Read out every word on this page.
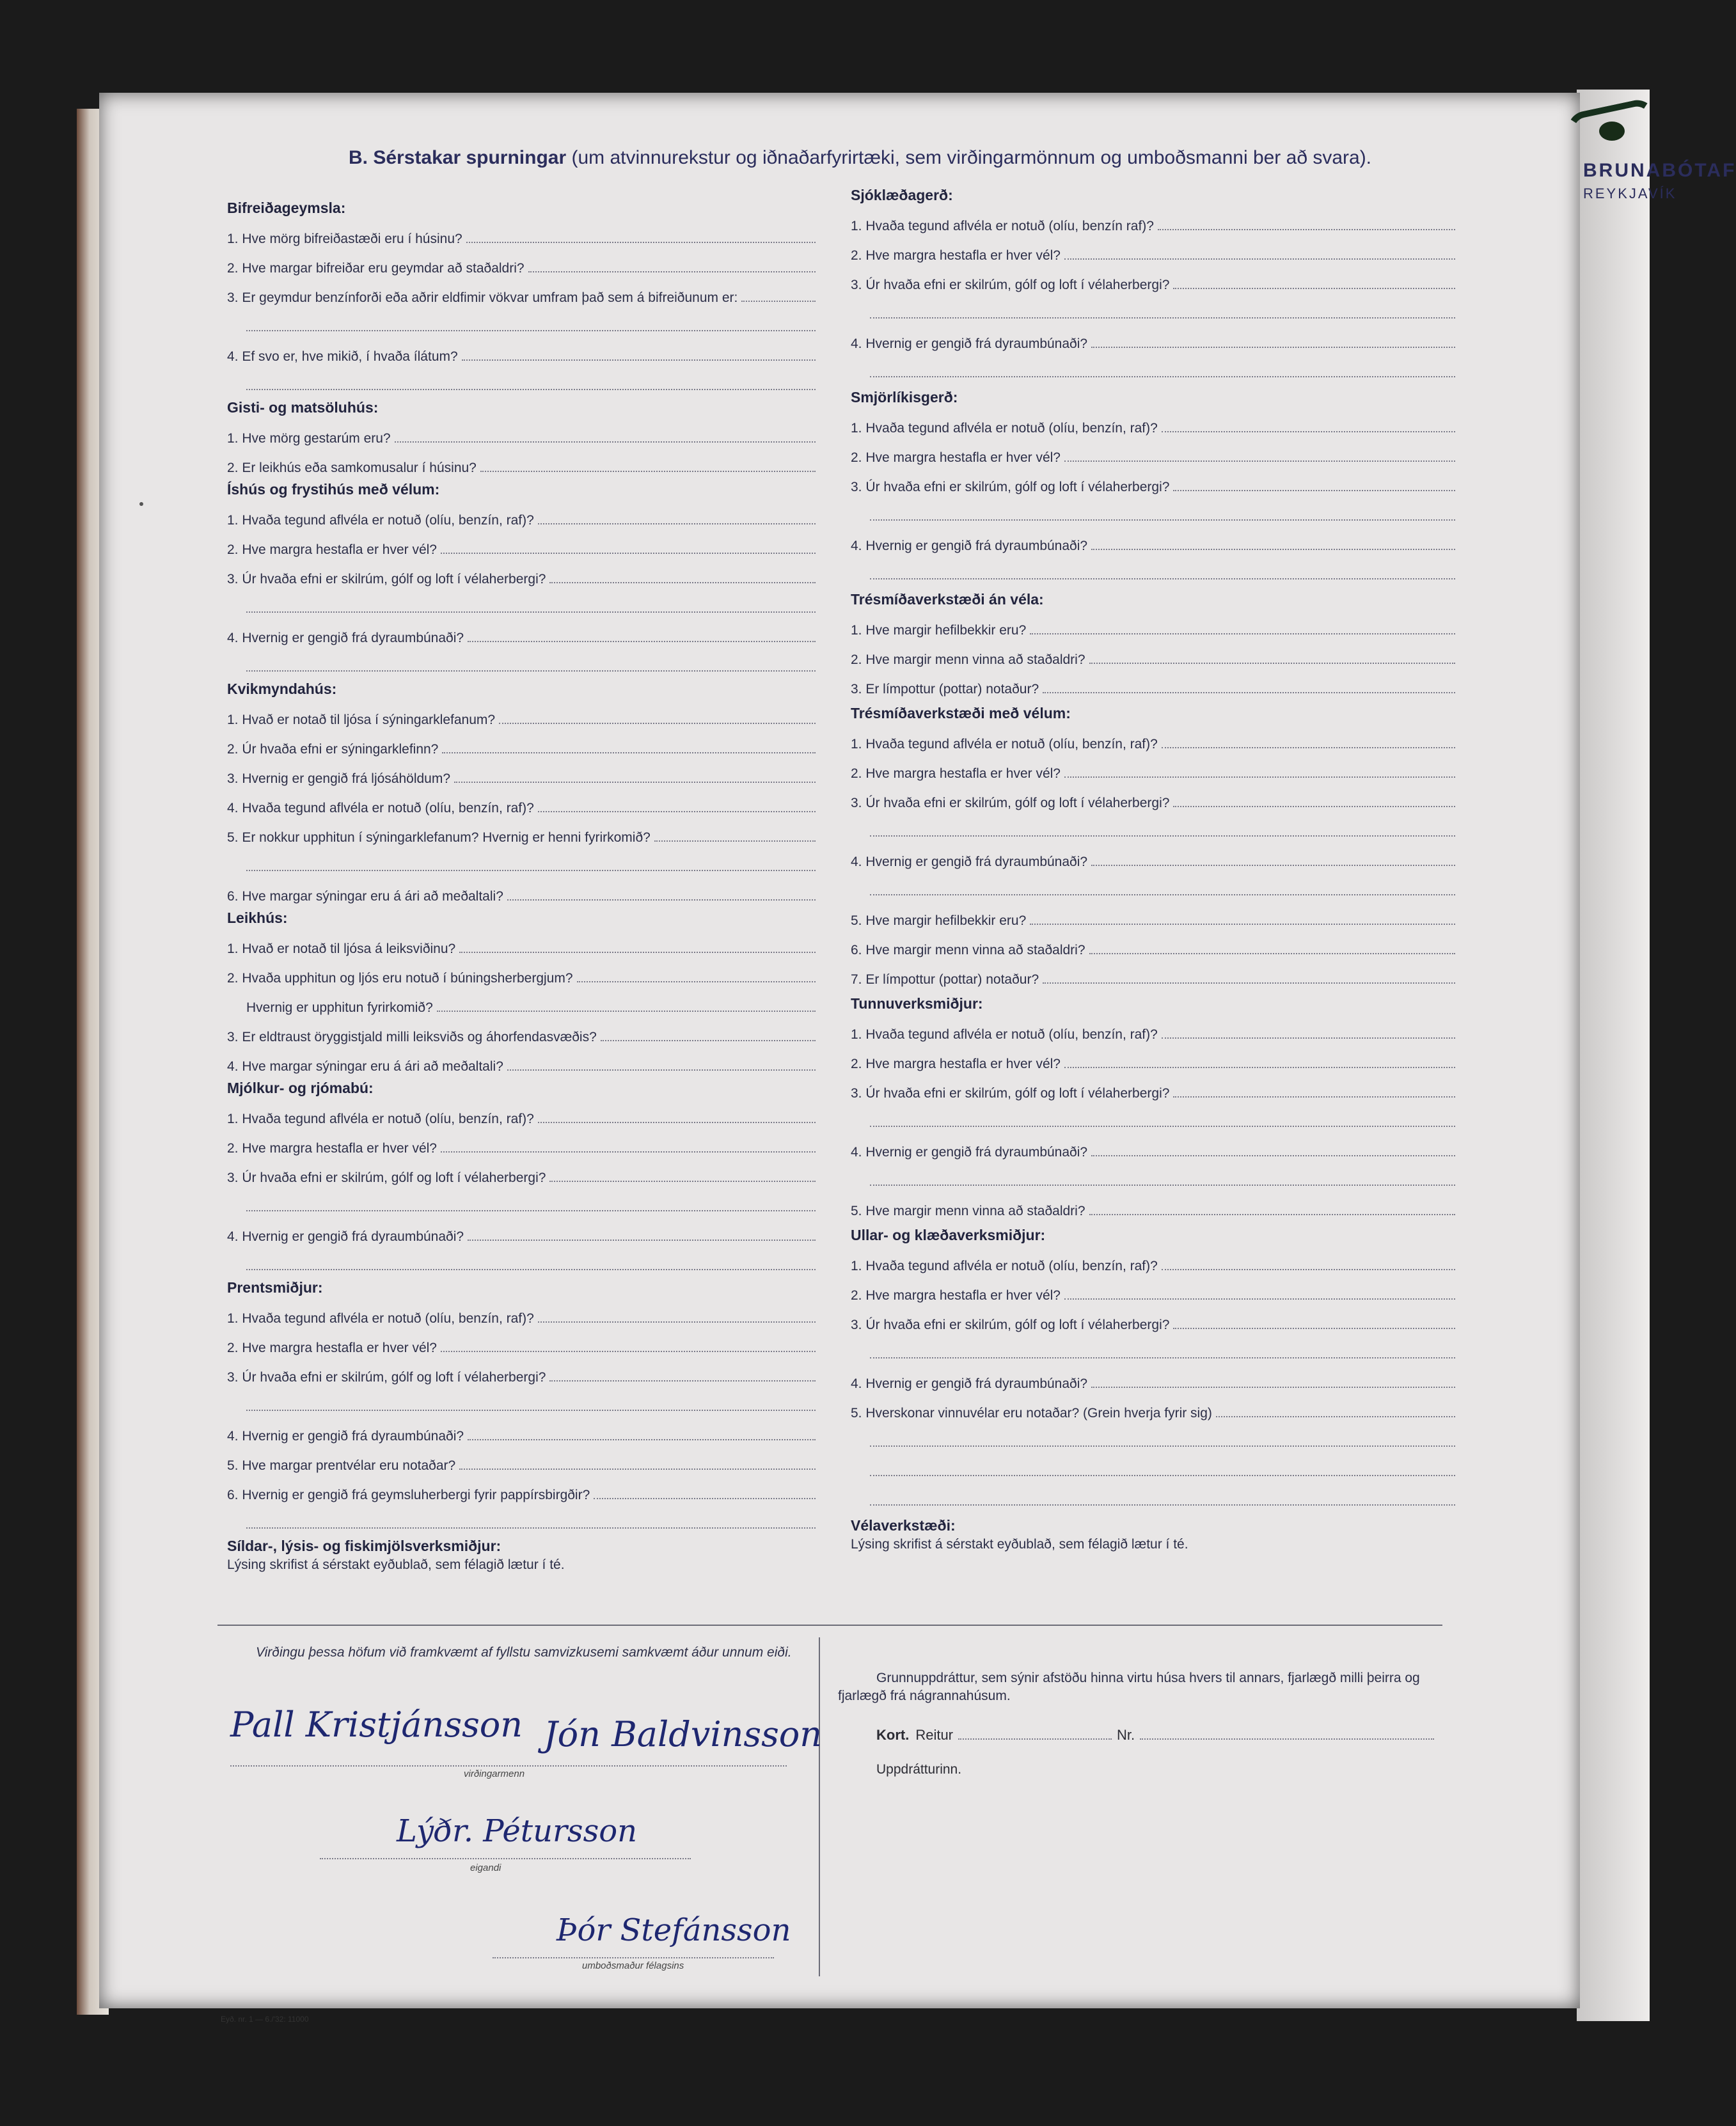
BRUNABÓTAF
REYKJAVÍK
B. Sérstakar spurningar (um atvinnurekstur og iðnaðarfyrirtæki, sem virðingarmönnum og umboðsmanni ber að svara).
Bifreiðageymsla:
1. Hve mörg bifreiðastæði eru í húsinu?
2. Hve margar bifreiðar eru geymdar að staðaldri?
3. Er geymdur benzínforði eða aðrir eldfimir vökvar umfram það sem á bifreiðunum er:
4. Ef svo er, hve mikið, í hvaða ílátum?
Gisti- og matsöluhús:
1. Hve mörg gestarúm eru?
2. Er leikhús eða samkomusalur í húsinu?
Íshús og frystihús með vélum:
1. Hvaða tegund aflvéla er notuð (olíu, benzín, raf)?
2. Hve margra hestafla er hver vél?
3. Úr hvaða efni er skilrúm, gólf og loft í vélaherbergi?
4. Hvernig er gengið frá dyraumbúnaði?
Kvikmyndahús:
1. Hvað er notað til ljósa í sýningarklefanum?
2. Úr hvaða efni er sýningarklefinn?
3. Hvernig er gengið frá ljósáhöldum?
4. Hvaða tegund aflvéla er notuð (olíu, benzín, raf)?
5. Er nokkur upphitun í sýningarklefanum? Hvernig er henni fyrirkomið?
6. Hve margar sýningar eru á ári að meðaltali?
Leikhús:
1. Hvað er notað til ljósa á leiksviðinu?
2. Hvaða upphitun og ljós eru notuð í búningsherbergjum?
Hvernig er upphitun fyrirkomið?
3. Er eldtraust öryggistjald milli leiksviðs og áhorfendasvæðis?
4. Hve margar sýningar eru á ári að meðaltali?
Mjólkur- og rjómabú:
1. Hvaða tegund aflvéla er notuð (olíu, benzín, raf)?
2. Hve margra hestafla er hver vél?
3. Úr hvaða efni er skilrúm, gólf og loft í vélaherbergi?
4. Hvernig er gengið frá dyraumbúnaði?
Prentsmiðjur:
1. Hvaða tegund aflvéla er notuð (olíu, benzín, raf)?
2. Hve margra hestafla er hver vél?
3. Úr hvaða efni er skilrúm, gólf og loft í vélaherbergi?
4. Hvernig er gengið frá dyraumbúnaði?
5. Hve margar prentvélar eru notaðar?
6. Hvernig er gengið frá geymsluherbergi fyrir pappírsbirgðir?
Síldar-, lýsis- og fiskimjölsverksmiðjur:
Lýsing skrifist á sérstakt eyðublað, sem félagið lætur í té.
Sjóklæðagerð:
1. Hvaða tegund aflvéla er notuð (olíu, benzín raf)?
2. Hve margra hestafla er hver vél?
3. Úr hvaða efni er skilrúm, gólf og loft í vélaherbergi?
4. Hvernig er gengið frá dyraumbúnaði?
Smjörlíkisgerð:
1. Hvaða tegund aflvéla er notuð (olíu, benzín, raf)?
2. Hve margra hestafla er hver vél?
3. Úr hvaða efni er skilrúm, gólf og loft í vélaherbergi?
4. Hvernig er gengið frá dyraumbúnaði?
Trésmíðaverkstæði án véla:
1. Hve margir hefilbekkir eru?
2. Hve margir menn vinna að staðaldri?
3. Er límpottur (pottar) notaður?
Trésmíðaverkstæði með vélum:
1. Hvaða tegund aflvéla er notuð (olíu, benzín, raf)?
2. Hve margra hestafla er hver vél?
3. Úr hvaða efni er skilrúm, gólf og loft í vélaherbergi?
4. Hvernig er gengið frá dyraumbúnaði?
5. Hve margir hefilbekkir eru?
6. Hve margir menn vinna að staðaldri?
7. Er límpottur (pottar) notaður?
Tunnuverksmiðjur:
1. Hvaða tegund aflvéla er notuð (olíu, benzín, raf)?
2. Hve margra hestafla er hver vél?
3. Úr hvaða efni er skilrúm, gólf og loft í vélaherbergi?
4. Hvernig er gengið frá dyraumbúnaði?
5. Hve margir menn vinna að staðaldri?
Ullar- og klæðaverksmiðjur:
1. Hvaða tegund aflvéla er notuð (olíu, benzín, raf)?
2. Hve margra hestafla er hver vél?
3. Úr hvaða efni er skilrúm, gólf og loft í vélaherbergi?
4. Hvernig er gengið frá dyraumbúnaði?
5. Hverskonar vinnuvélar eru notaðar? (Grein hverja fyrir sig)
Vélaverkstæði:
Lýsing skrifist á sérstakt eyðublað, sem félagið lætur í té.
Virðingu þessa höfum við framkvæmt af fyllstu samvizkusemi samkvæmt áður unnum eiði.
Grunnuppdráttur, sem sýnir afstöðu hinna virtu húsa hvers til annars, fjarlægð milli þeirra og fjarlægð frá nágrannahúsum.
Kort. Reitur	Nr.
Uppdrátturinn.
Pall Kristjánsson Jón Baldvinsson
virðingarmenn
Lýðr. Pétursson
eigandi
Þór Stefánsson
umboðsmaður félagsins
Eyð. nr. 1 — 6./'32: 11000
